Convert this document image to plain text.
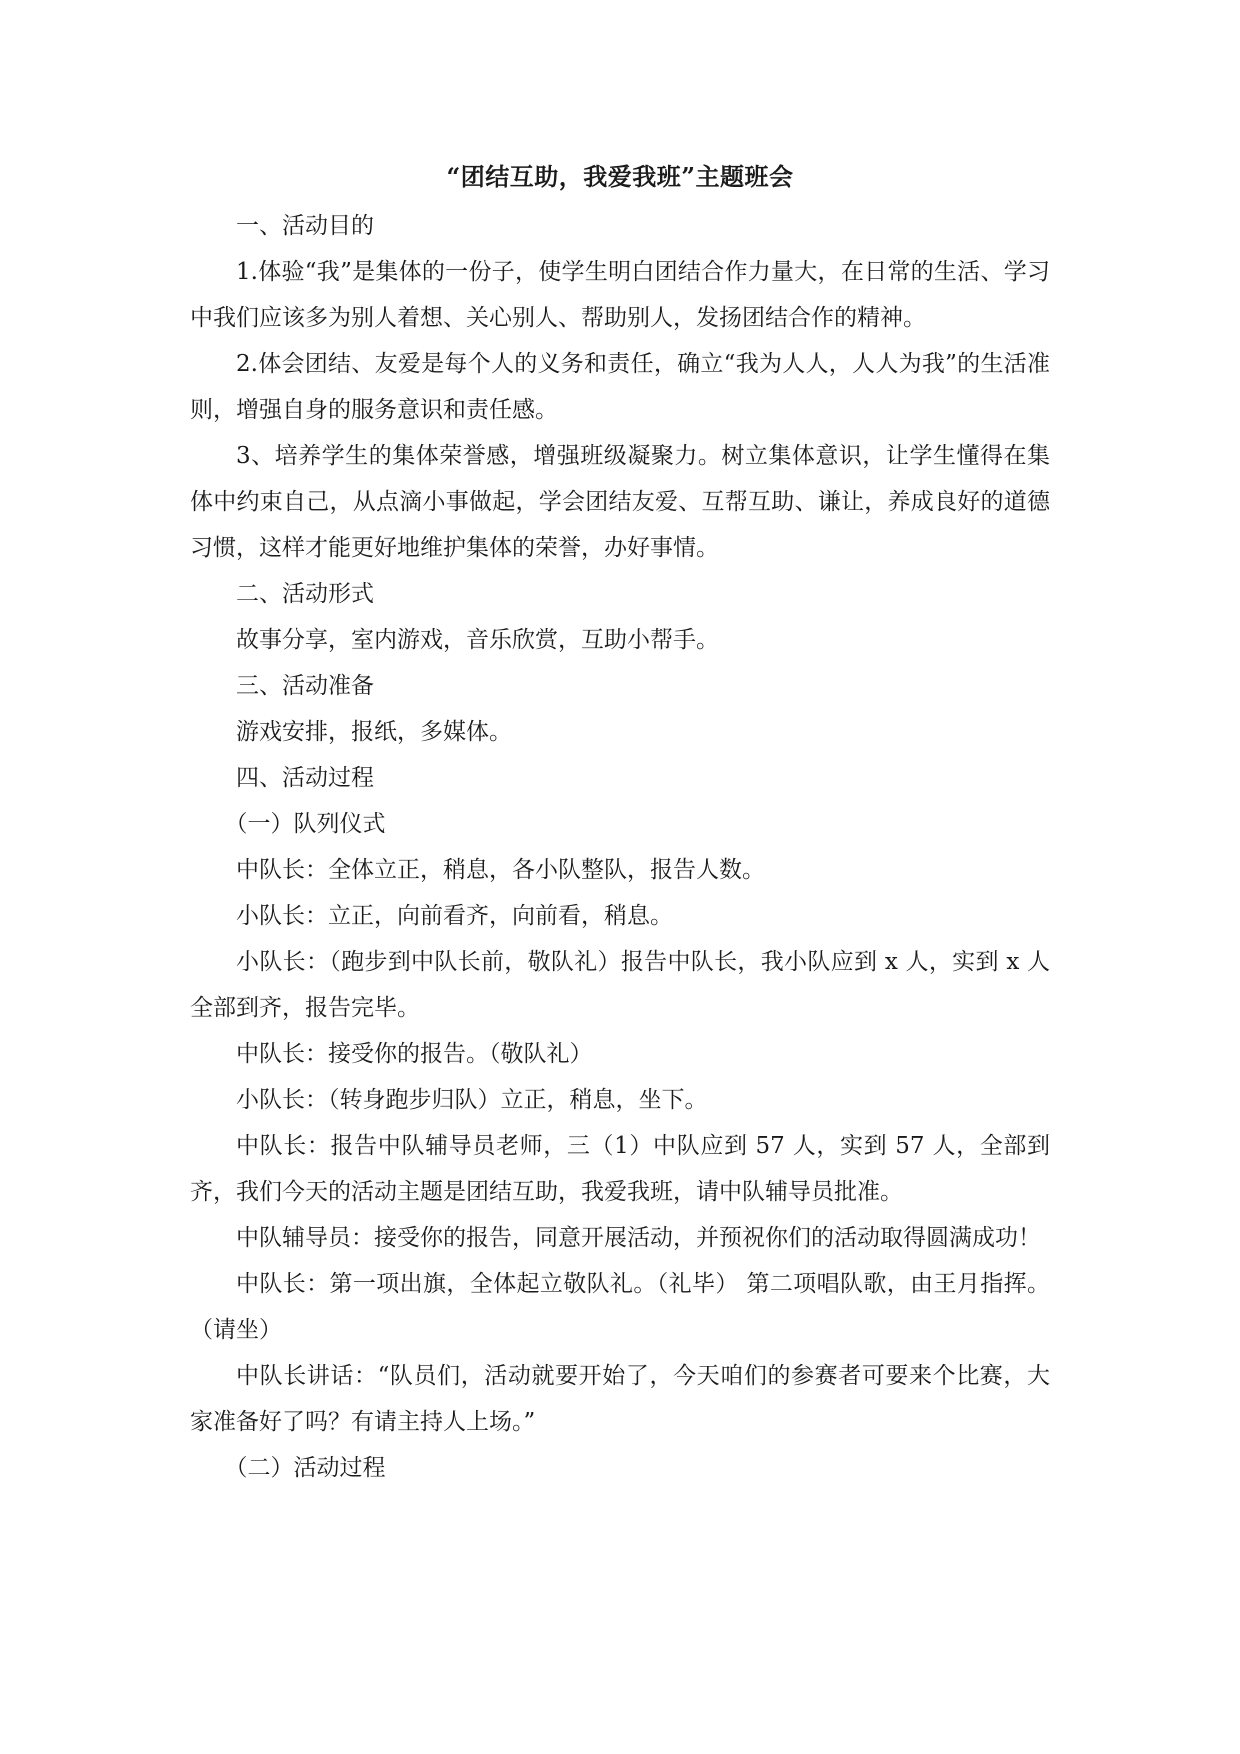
“团结互助，我爱我班”主题班会

一、活动目的

1.体验“我”是集体的一份子，使学生明白团结合作力量大，在日常的生活、学习中我们应该多为别人着想、关心别人、帮助别人，发扬团结合作的精神。

2.体会团结、友爱是每个人的义务和责任，确立“我为人人，人人为我”的生活准则，增强自身的服务意识和责任感。

3、培养学生的集体荣誉感，增强班级凝聚力。树立集体意识，让学生懂得在集体中约束自己，从点滴小事做起，学会团结友爱、互帮互助、谦让，养成良好的道德习惯，这样才能更好地维护集体的荣誉，办好事情。

二、活动形式

故事分享，室内游戏，音乐欣赏，互助小帮手。

三、活动准备

游戏安排，报纸，多媒体。

四、活动过程

（一）队列仪式

中队长：全体立正，稍息，各小队整队，报告人数。

小队长：立正，向前看齐，向前看，稍息。

小队长：（跑步到中队长前，敬队礼）报告中队长，我小队应到 x 人，实到 x 人全部到齐，报告完毕。

中队长：接受你的报告。（敬队礼）

小队长：（转身跑步归队）立正，稍息，坐下。

中队长：报告中队辅导员老师，三（1）中队应到 57 人，实到 57 人，全部到齐，我们今天的活动主题是团结互助，我爱我班，请中队辅导员批准。

中队辅导员：接受你的报告，同意开展活动，并预祝你们的活动取得圆满成功！

中队长：第一项出旗，全体起立敬队礼。（礼毕） 第二项唱队歌，由王月指挥。（请坐）

中队长讲话：“队员们，活动就要开始了，今天咱们的参赛者可要来个比赛，大家准备好了吗？有请主持人上场。”

（二）活动过程
